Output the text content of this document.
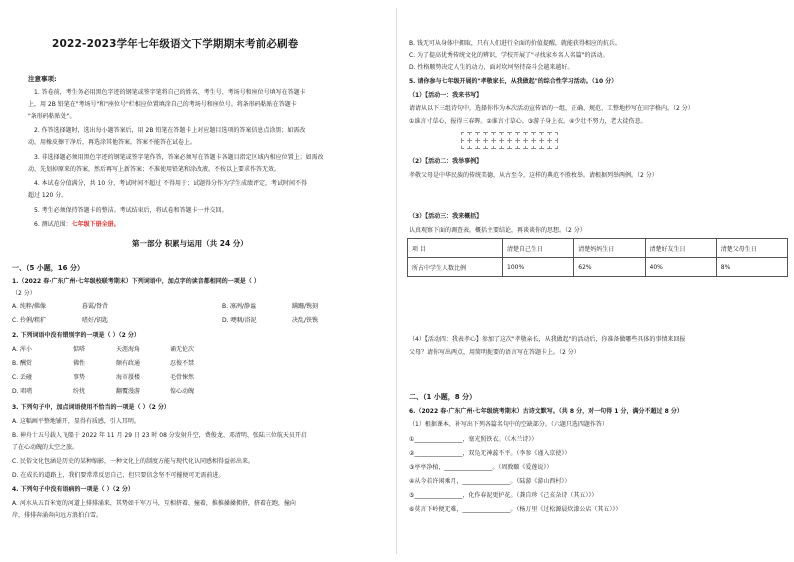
2022-2023学年七年级语文下学期期末考前必刷卷
注意事项:
1. 答卷前，考生务必用黑色字迹的钢笔或签字笔将自己的姓名、考生号、考场号和座位号填写在答题卡
上，用 2B 铅笔在"考场号"和"座位号"栏相应位置填涂自己的考场号和座位号。将条形码粘贴在答题卡
"条形码粘贴处"。
2. 作答选择题时，选出每小题答案后，用 2B 铅笔在答题卡上对应题目选项的答案信息点涂黑；如需改
动，用橡皮擦干净后，再选涂其他答案。答案不能答在试卷上。
3. 非选择题必须用黑色字迹的钢笔或签字笔作答，答案必须写在答题卡各题目指定区域内相应位置上；如需改
动，先划掉原来的答案，然后再写上新答案；不准使用铅笔和涂改液。不按以上要求作答无效。
4. 本试卷分值满分，共 10 分，考试时间不超过 不得用于；试题得分作为学生成绩评定，考试时间不得
超过 120 分。
5. 考生必须保持答题卡的整洁。考试结束后，将试卷和答题卡一并交回。
6. 测试范围：七年级下册全册。
第一部分 积累与运用（共 24 分）
一、（5 小题，16 分）
1.（2022 春·广东广州·七年级校联考期末）下列词语中，加点字的读音都相同的一项是（ ）
（2 分）
A. 纯粹/佛像	暮霭/脊背	B. 凛冽/静谧	蹒跚/镌刻
C. 伶俐/粗犷	嗜好/钥匙	D. 哽咽/浴泥	决乱/铁镌
2. 下列词语中没有错别字的一项是（ ）（2 分）
A. 浑小	惦嗒	天涯海角	诵无伦次
B. 酬赏	佛性	颇有政通	忍俊不禁
C. 丢碰	事势	海市蜃楼	毛骨悚然
D. 唱嗜	纷扰	翻覆漫游	惶心动魄
3. 下列句子中，加点词语使用不恰当的一项是（ ）（2 分）
A. 这幅画平整地铺开，显得有质感，引人耳明。
B. 神舟十五号载人飞船于 2022 年 11 月 29 日 23 时 08 分发射升空，费俊龙、邓清明、张陆三位航天员开启
了在心动魄的太空之旅。
C. 民俗文化包涵是历史的某种缩影，一种文化上的制度方能与现代化认同感相得益彰出来。
D. 在成长的道路上，我们要常常反思自己，但只要信念坚不可摧便可无需前进。
4. 下列句子中没有语病的一项是（ ）（2 分）
A. 河水从五百米宽的河道上排排涌来，其势如千军万马，互相挤着、撞着，推推搡搡拥挤，挤着在跑，撞向
岸，排排奔涌奔向远方浪拍白雪。
B. 钱无可从身体中拥取，只有人们进行全面的价值提醒，就能获得相应的抗兵。
C. 为了提高优秀传统文化的辨识，学校开展了"寻找家乡名人名篇"的活动。
D. 性格顺势决定人生的动力，面对坎坷坚持奋斗会越来越好。
5. 请你参与七年级开展的"孝敬家长，从我做起"的综合性学习活动。（10 分）
（1）【活动一：我来书写】
请请从以下三组诗句中，选择你作为本次活动宣传语的一组，正确、规范、工整地抄写在田字格内。（2 分）
①谁言寸草心，报得三春晖。②谁言寸草心。③游子身上衣。④少壮不努力，老大徒伤悲。
（2）【活动二：我举事例】
孝敬父母是中华民族的传统美德，从古至今，这样的典范不胜枚举。请根据列举两例。（2 分）
（3）【活动三：我来概括】
认真观察下面的调查表，概括主要结论，再谈谈你的思想。（2 分）
项 目	清楚自己生日	清楚妈妈生日	清楚好友生日	清楚父母生日
所占中学生人数比例	100%	62%	40%	8%
（4）【活动四：我表孝心】参加了这次"孝敬亲长，从我做起"的活动后，你准备做哪些具体的事情来回报
父母？请你写出两点，用简明扼要的语言写在答题卡上。（2 分）
二、（1 小题，8 分）
6.（2022 春·广东广州·七年级统考期末）古诗文默写。（共 8 分，对一句得 1 分，满分不超过 8 分）
（1）根据课本，补写出下列各篇名句中的空缺部分。（六题只选四题作答）
①________________，塞光照铁衣。（《木兰诗》）
②________________，双凫无神蕊不平。（李参《谨入京使》）
③亭亭净植，________________。（周敦颐《爱莲说》）
④从今若许闲乘月，________________。（陆游《游山西村》）
⑤________________，化作春泥更护花。（龚自珍《己亥杂诗（其五）》）
⑥莫言下岭便无难，________________。（杨万里《过松源晨炊漆公店（其五）》）
